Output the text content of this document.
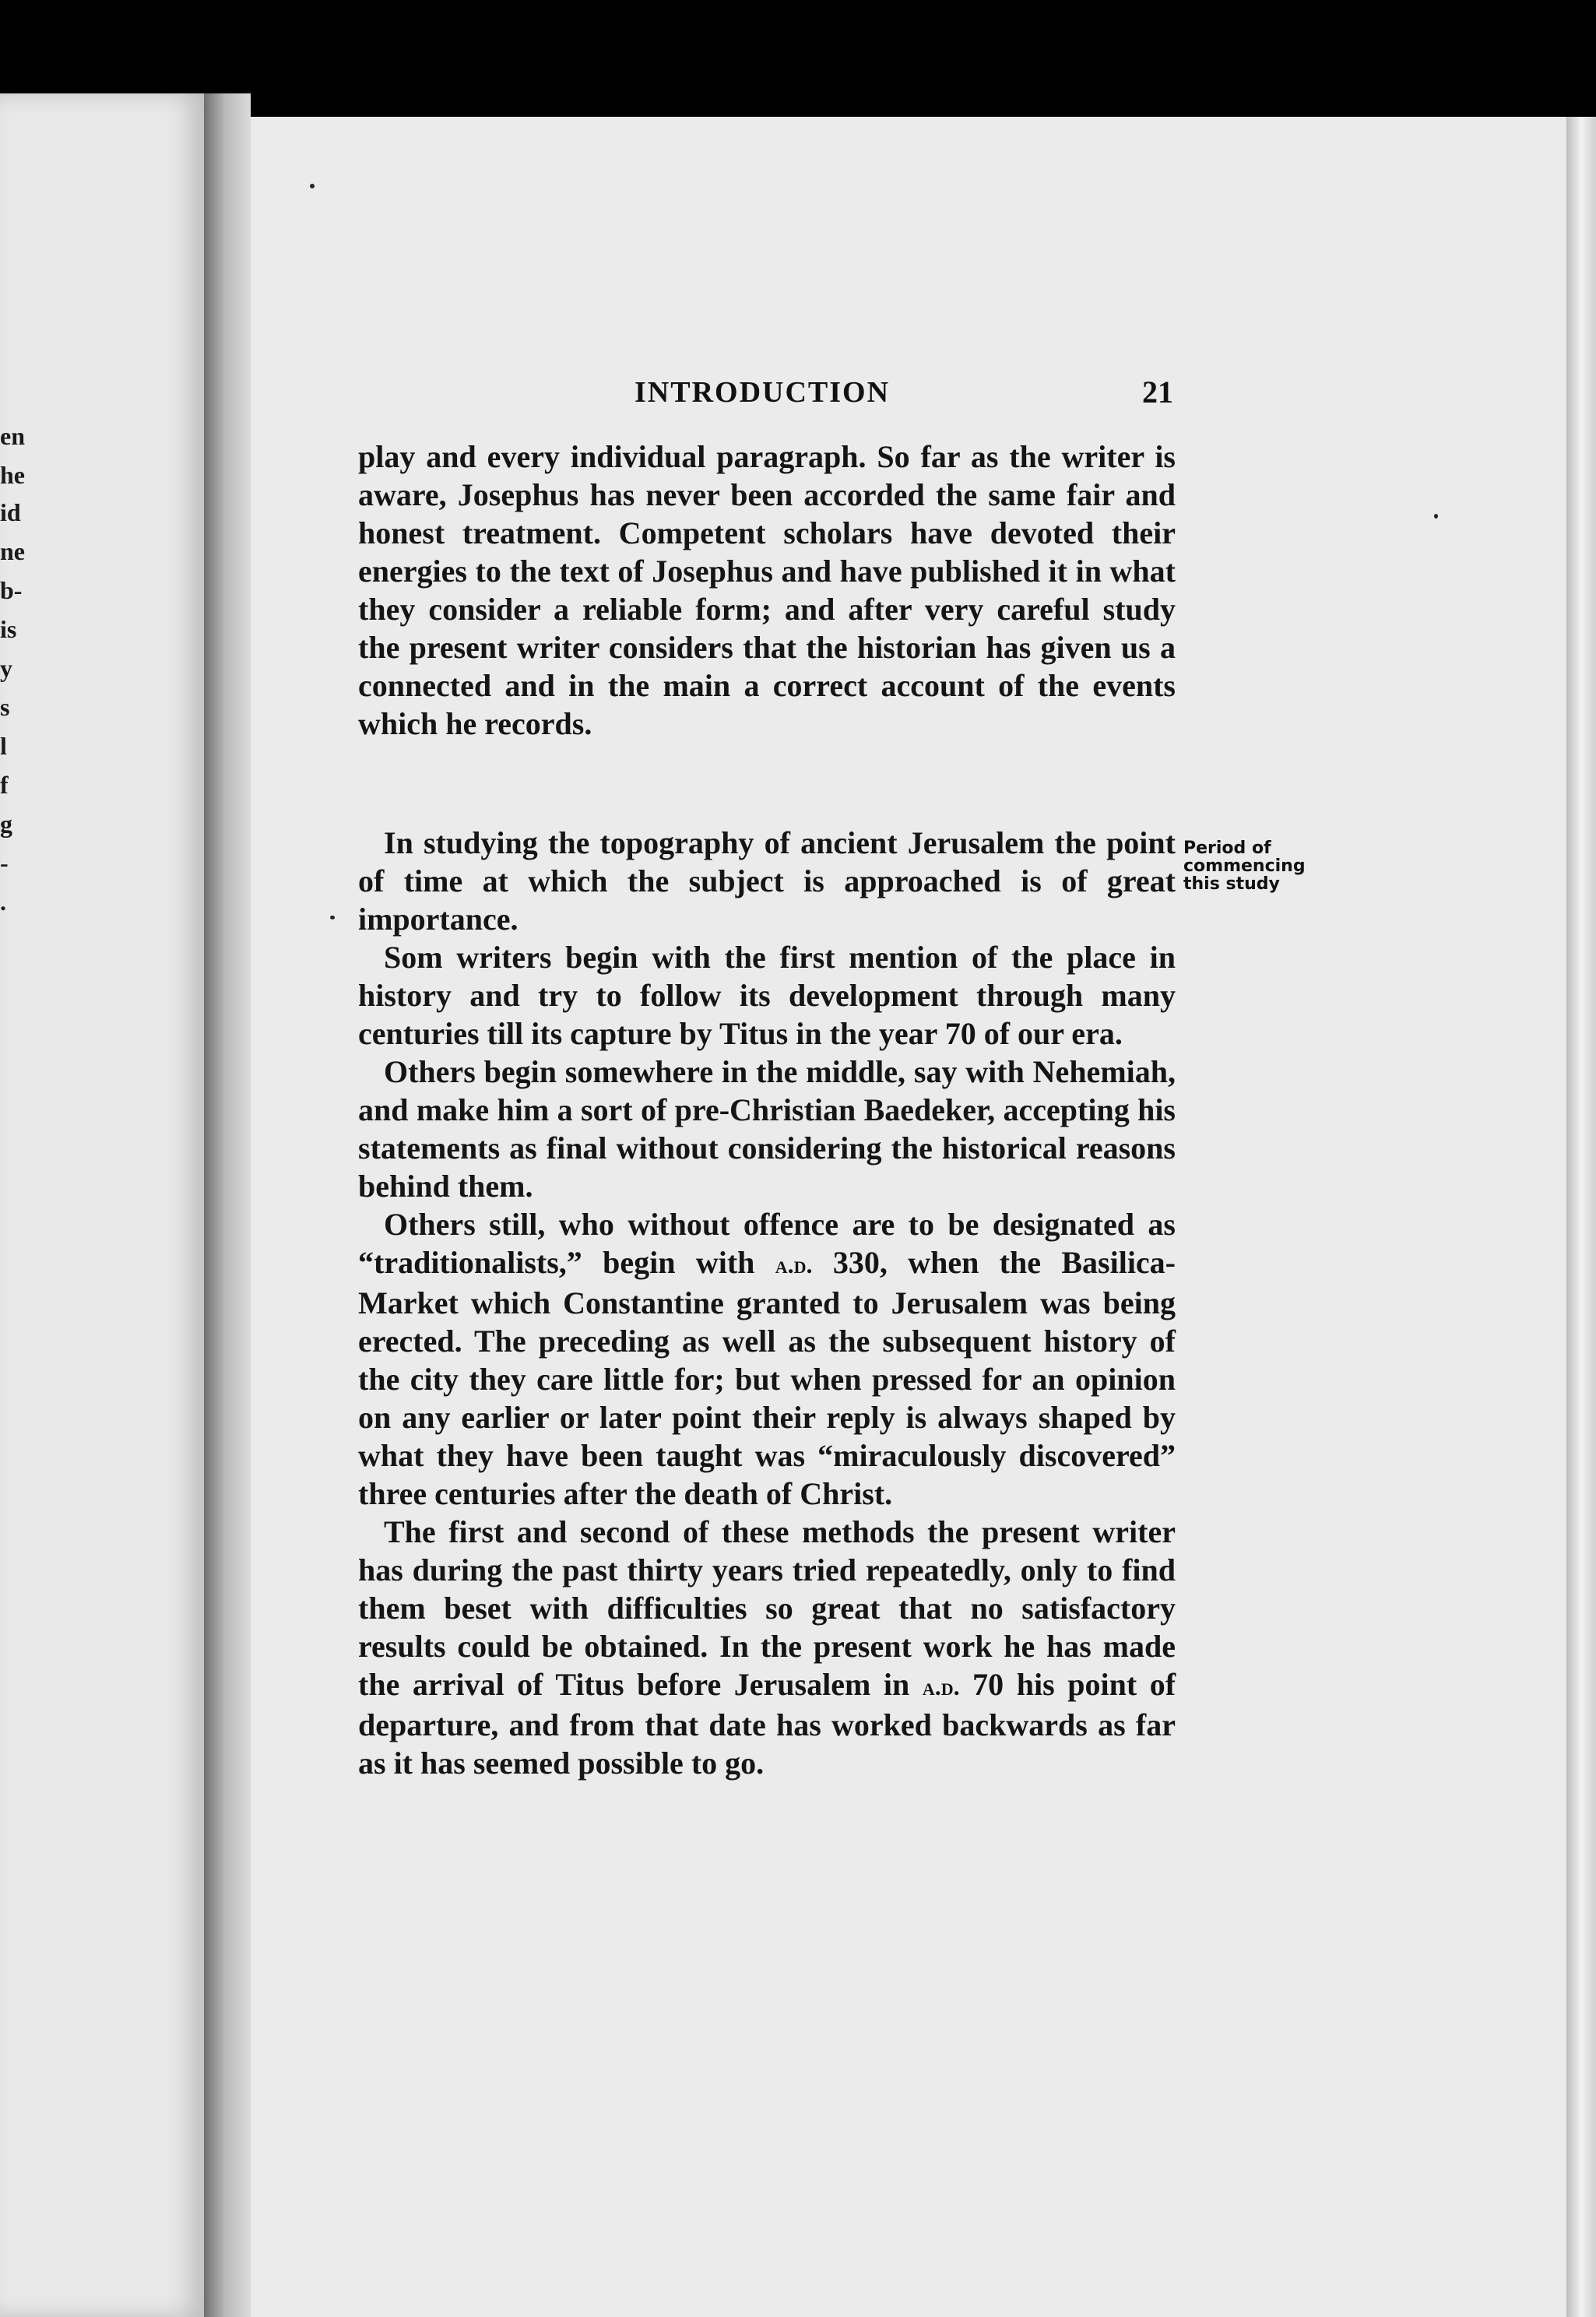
en
he
id
ne
b-
is
y
s
l
f
g
-
.
INTRODUCTION	21

play and every individual paragraph. So far as the writer is aware, Josephus has never been accorded the same fair and honest treatment. Competent scholars have devoted their energies to the text of Josephus and have published it in what they consider a reliable form; and after very careful study the present writer considers that the historian has given us a connected and in the main a correct account of the events which he records.

In studying the topography of ancient Jerusalem the point of time at which the subject is approached is of great importance.

Som writers begin with the first mention of the place in history and try to follow its development through many centuries till its capture by Titus in the year 70 of our era.

Others begin somewhere in the middle, say with Nehemiah, and make him a sort of pre-Christian Baedeker, accepting his statements as final without considering the historical reasons behind them.

Others still, who without offence are to be designated as “traditionalists,” begin with a.d. 330, when the Basilica-Market which Constantine granted to Jerusalem was being erected. The preceding as well as the subsequent history of the city they care little for; but when pressed for an opinion on any earlier or later point their reply is always shaped by what they have been taught was “miraculously discovered” three centuries after the death of Christ.

The first and second of these methods the present writer has during the past thirty years tried repeatedly, only to find them beset with difficulties so great that no satisfactory results could be obtained. In the present work he has made the arrival of Titus before Jerusalem in a.d. 70 his point of departure, and from that date has worked backwards as far as it has seemed possible to go.

Period of commencing this study
